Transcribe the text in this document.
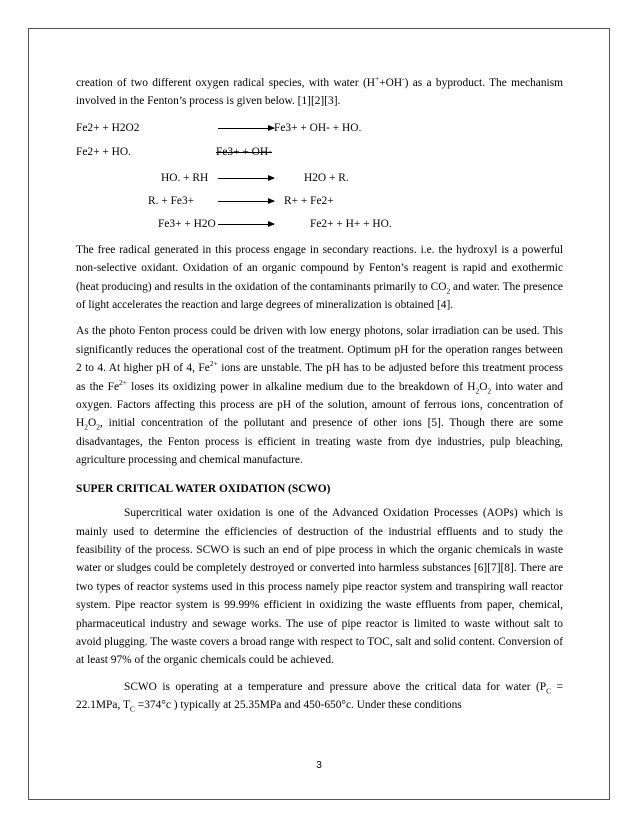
creation of two different oxygen radical species, with water (H++OH-) as a byproduct. The mechanism involved in the Fenton’s process is given below. [1][2][3].

Fe2+ + H2O2	Fe3+ + OH- + HO.
Fe2+ + HO.	Fe3+ + OH-
HO. + RH	H2O + R.
R. + Fe3+	R+ + Fe2+
Fe3+ + H2O	Fe2+ + H+ + HO.

The free radical generated in this process engage in secondary reactions. i.e. the hydroxyl is a powerful non-selective oxidant. Oxidation of an organic compound by Fenton’s reagent is rapid and exothermic (heat producing) and results in the oxidation of the contaminants primarily to $CO_2$ and water. The presence of light accelerates the reaction and large degrees of mineralization is obtained [4].

As the photo Fenton process could be driven with low energy photons, solar irradiation can be used. This significantly reduces the operational cost of the treatment. Optimum pH for the operation ranges between 2 to 4. At higher pH of 4, $Fe^{2+}$ ions are unstable. The pH has to be adjusted before this treatment process as the $Fe^{2+}$ loses its oxidizing power in alkaline medium due to the breakdown of $H_2O_2$ into water and oxygen. Factors affecting this process are pH of the solution, amount of ferrous ions, concentration of $H_2O_2$, initial concentration of the pollutant and presence of other ions [5]. Though there are some disadvantages, the Fenton process is efficient in treating waste from dye industries, pulp bleaching, agriculture processing and chemical manufacture.

SUPER CRITICAL WATER OXIDATION (SCWO)

Supercritical water oxidation is one of the Advanced Oxidation Processes (AOPs) which is mainly used to determine the efficiencies of destruction of the industrial effluents and to study the feasibility of the process. SCWO is such an end of pipe process in which the organic chemicals in waste water or sludges could be completely destroyed or converted into harmless substances [6][7][8]. There are two types of reactor systems used in this process namely pipe reactor system and transpiring wall reactor system. Pipe reactor system is 99.99% efficient in oxidizing the waste effluents from paper, chemical, pharmaceutical industry and sewage works. The use of pipe reactor is limited to waste without salt to avoid plugging. The waste covers a broad range with respect to TOC, salt and solid content. Conversion of at least 97% of the organic chemicals could be achieved.

SCWO is operating at a temperature and pressure above the critical data for water ($P_C = 22.1MPa$, $T_C =374^\circ c$ ) typically at 25.35MPa and 450-650°c. Under these conditions

3
